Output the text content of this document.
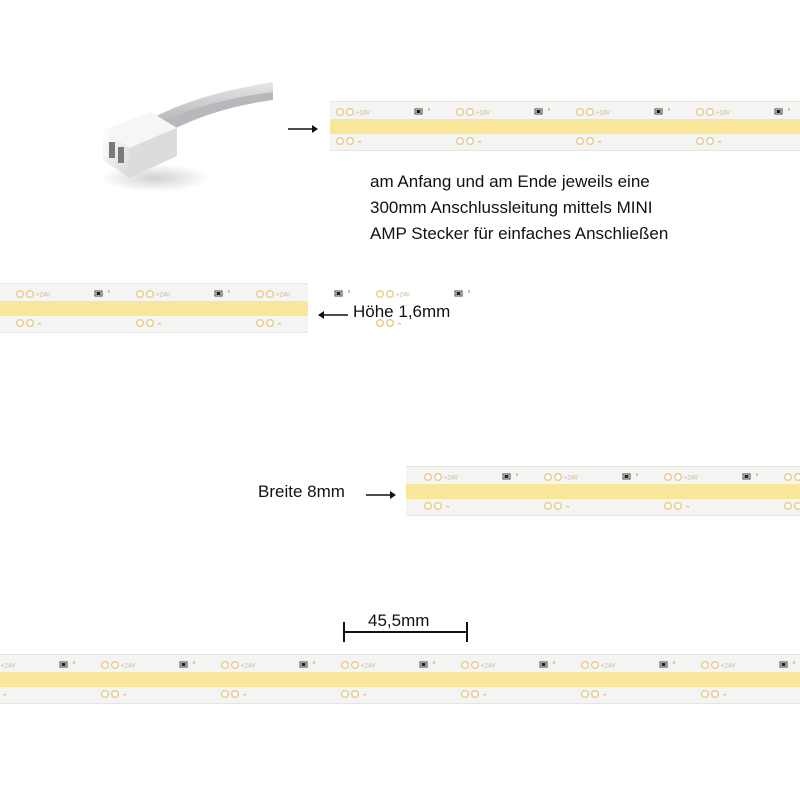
+24V	+24V	+24V	+24V
am Anfang und am Ende jeweils eine
300mm Anschlussleitung mittels MINI
AMP Stecker für einfaches Anschließen
+24V	+24V	+24V	+24V
Höhe 1,6mm
Breite 8mm
+24V	+24V	+24V
45,5mm
+24V	+24V	+24V	+24V	+24V	+24V	+24V
